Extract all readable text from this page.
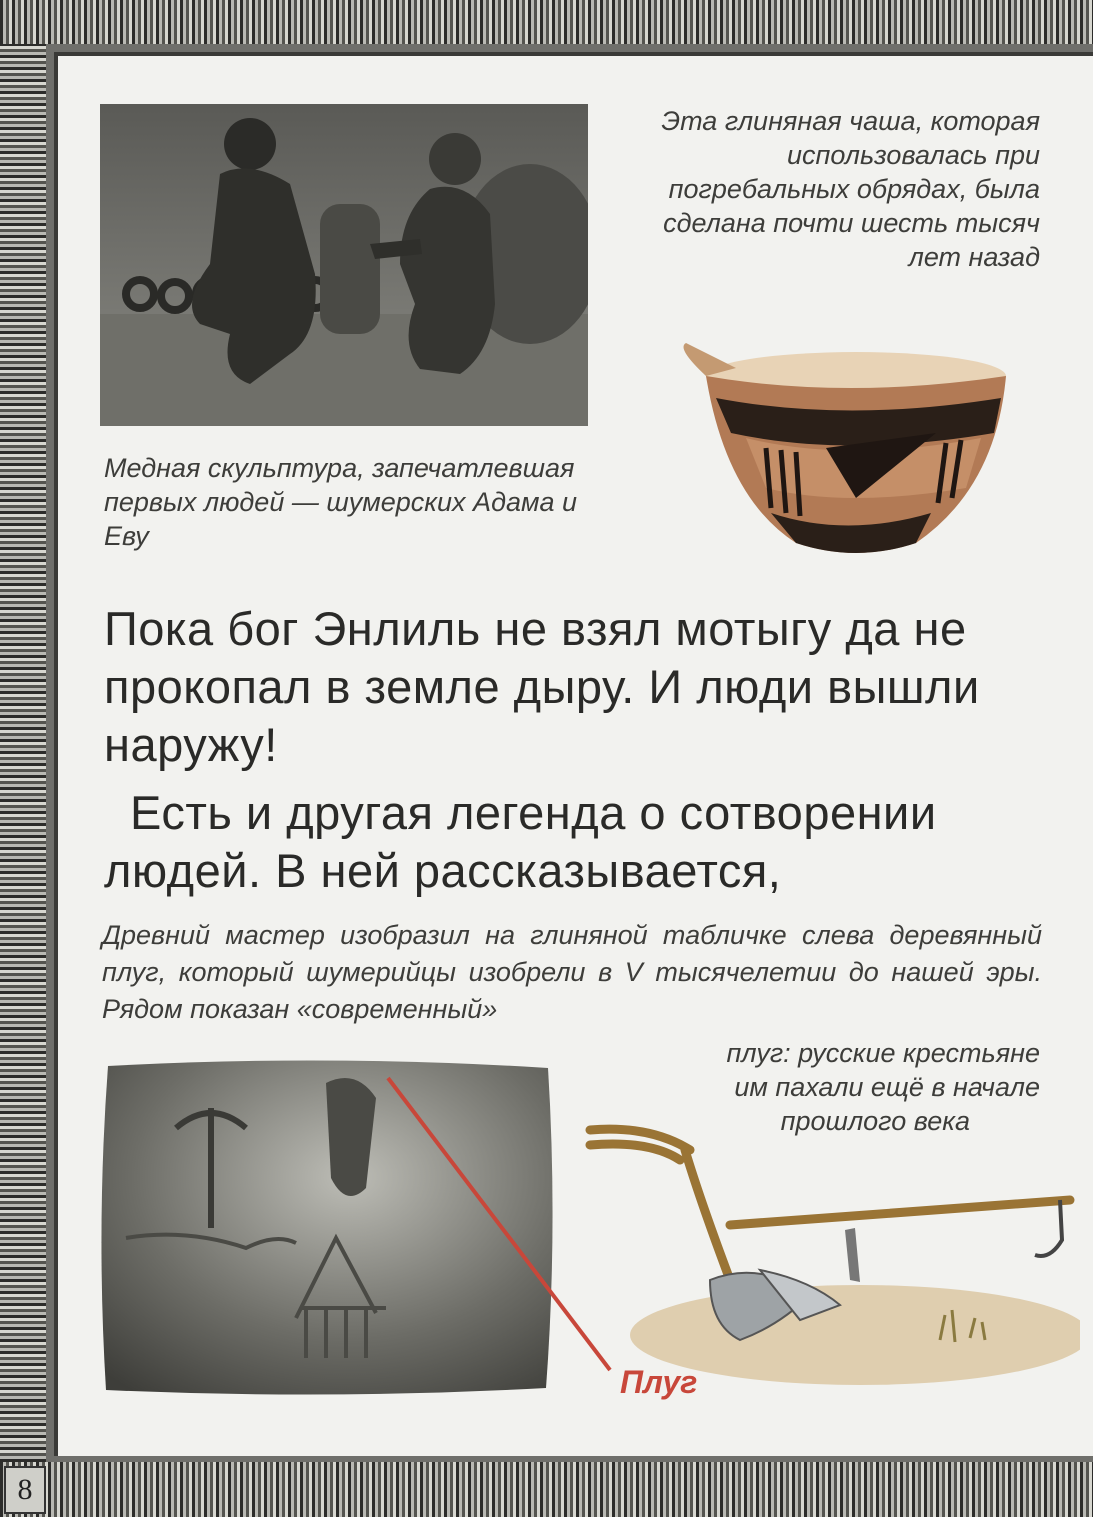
8

Эта глиняная чаша, которая использовалась при погребальных обрядах, была сделана почти шесть тысяч лет назад

Медная скульптура, запечатлевшая первых людей — шумерских Адама и Еву

Пока бог Энлиль не взял мотыгу да не прокопал в земле дыру. И люди вышли наружу!

Есть и другая легенда о сотворении людей. В ней рассказывается,

Древний мастер изобразил на глиняной табличке слева деревянный плуг, который шумерийцы изобрели в V тысячелетии до нашей эры. Рядом показан «современный»

плуг: русские крестьяне
им пахали ещё в начале
прошлого века

Плуг
